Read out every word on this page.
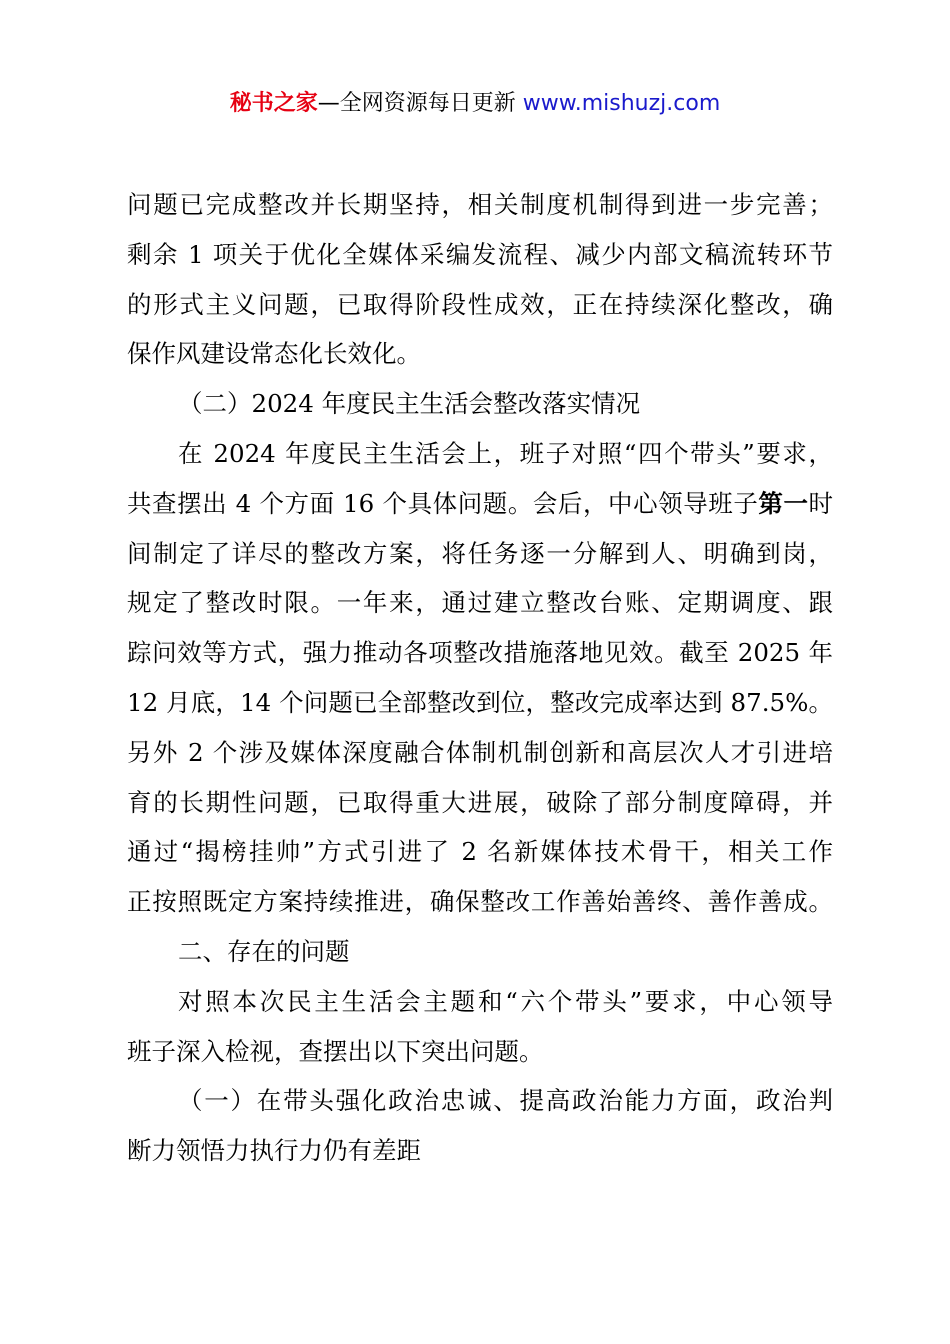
秘书之家—全网资源每日更新 www.mishuzj.com
问题已完成整改并长期坚持，相关制度机制得到进一步完善；
剩余 1 项关于优化全媒体采编发流程、减少内部文稿流转环节
的形式主义问题，已取得阶段性成效，正在持续深化整改，确
保作风建设常态化长效化。
（二）2024 年度民主生活会整改落实情况
在 2024 年度民主生活会上，班子对照“四个带头”要求，
共查摆出 4 个方面 16 个具体问题。会后，中心领导班子第一时
间制定了详尽的整改方案，将任务逐一分解到人、明确到岗，
规定了整改时限。一年来，通过建立整改台账、定期调度、跟
踪问效等方式，强力推动各项整改措施落地见效。截至 2025 年
12 月底，14 个问题已全部整改到位，整改完成率达到 87.5%。
另外 2 个涉及媒体深度融合体制机制创新和高层次人才引进培
育的长期性问题，已取得重大进展，破除了部分制度障碍，并
通过“揭榜挂帅”方式引进了 2 名新媒体技术骨干，相关工作
正按照既定方案持续推进，确保整改工作善始善终、善作善成。
二、存在的问题
对照本次民主生活会主题和“六个带头”要求，中心领导
班子深入检视，查摆出以下突出问题。
（一）在带头强化政治忠诚、提高政治能力方面，政治判
断力领悟力执行力仍有差距
